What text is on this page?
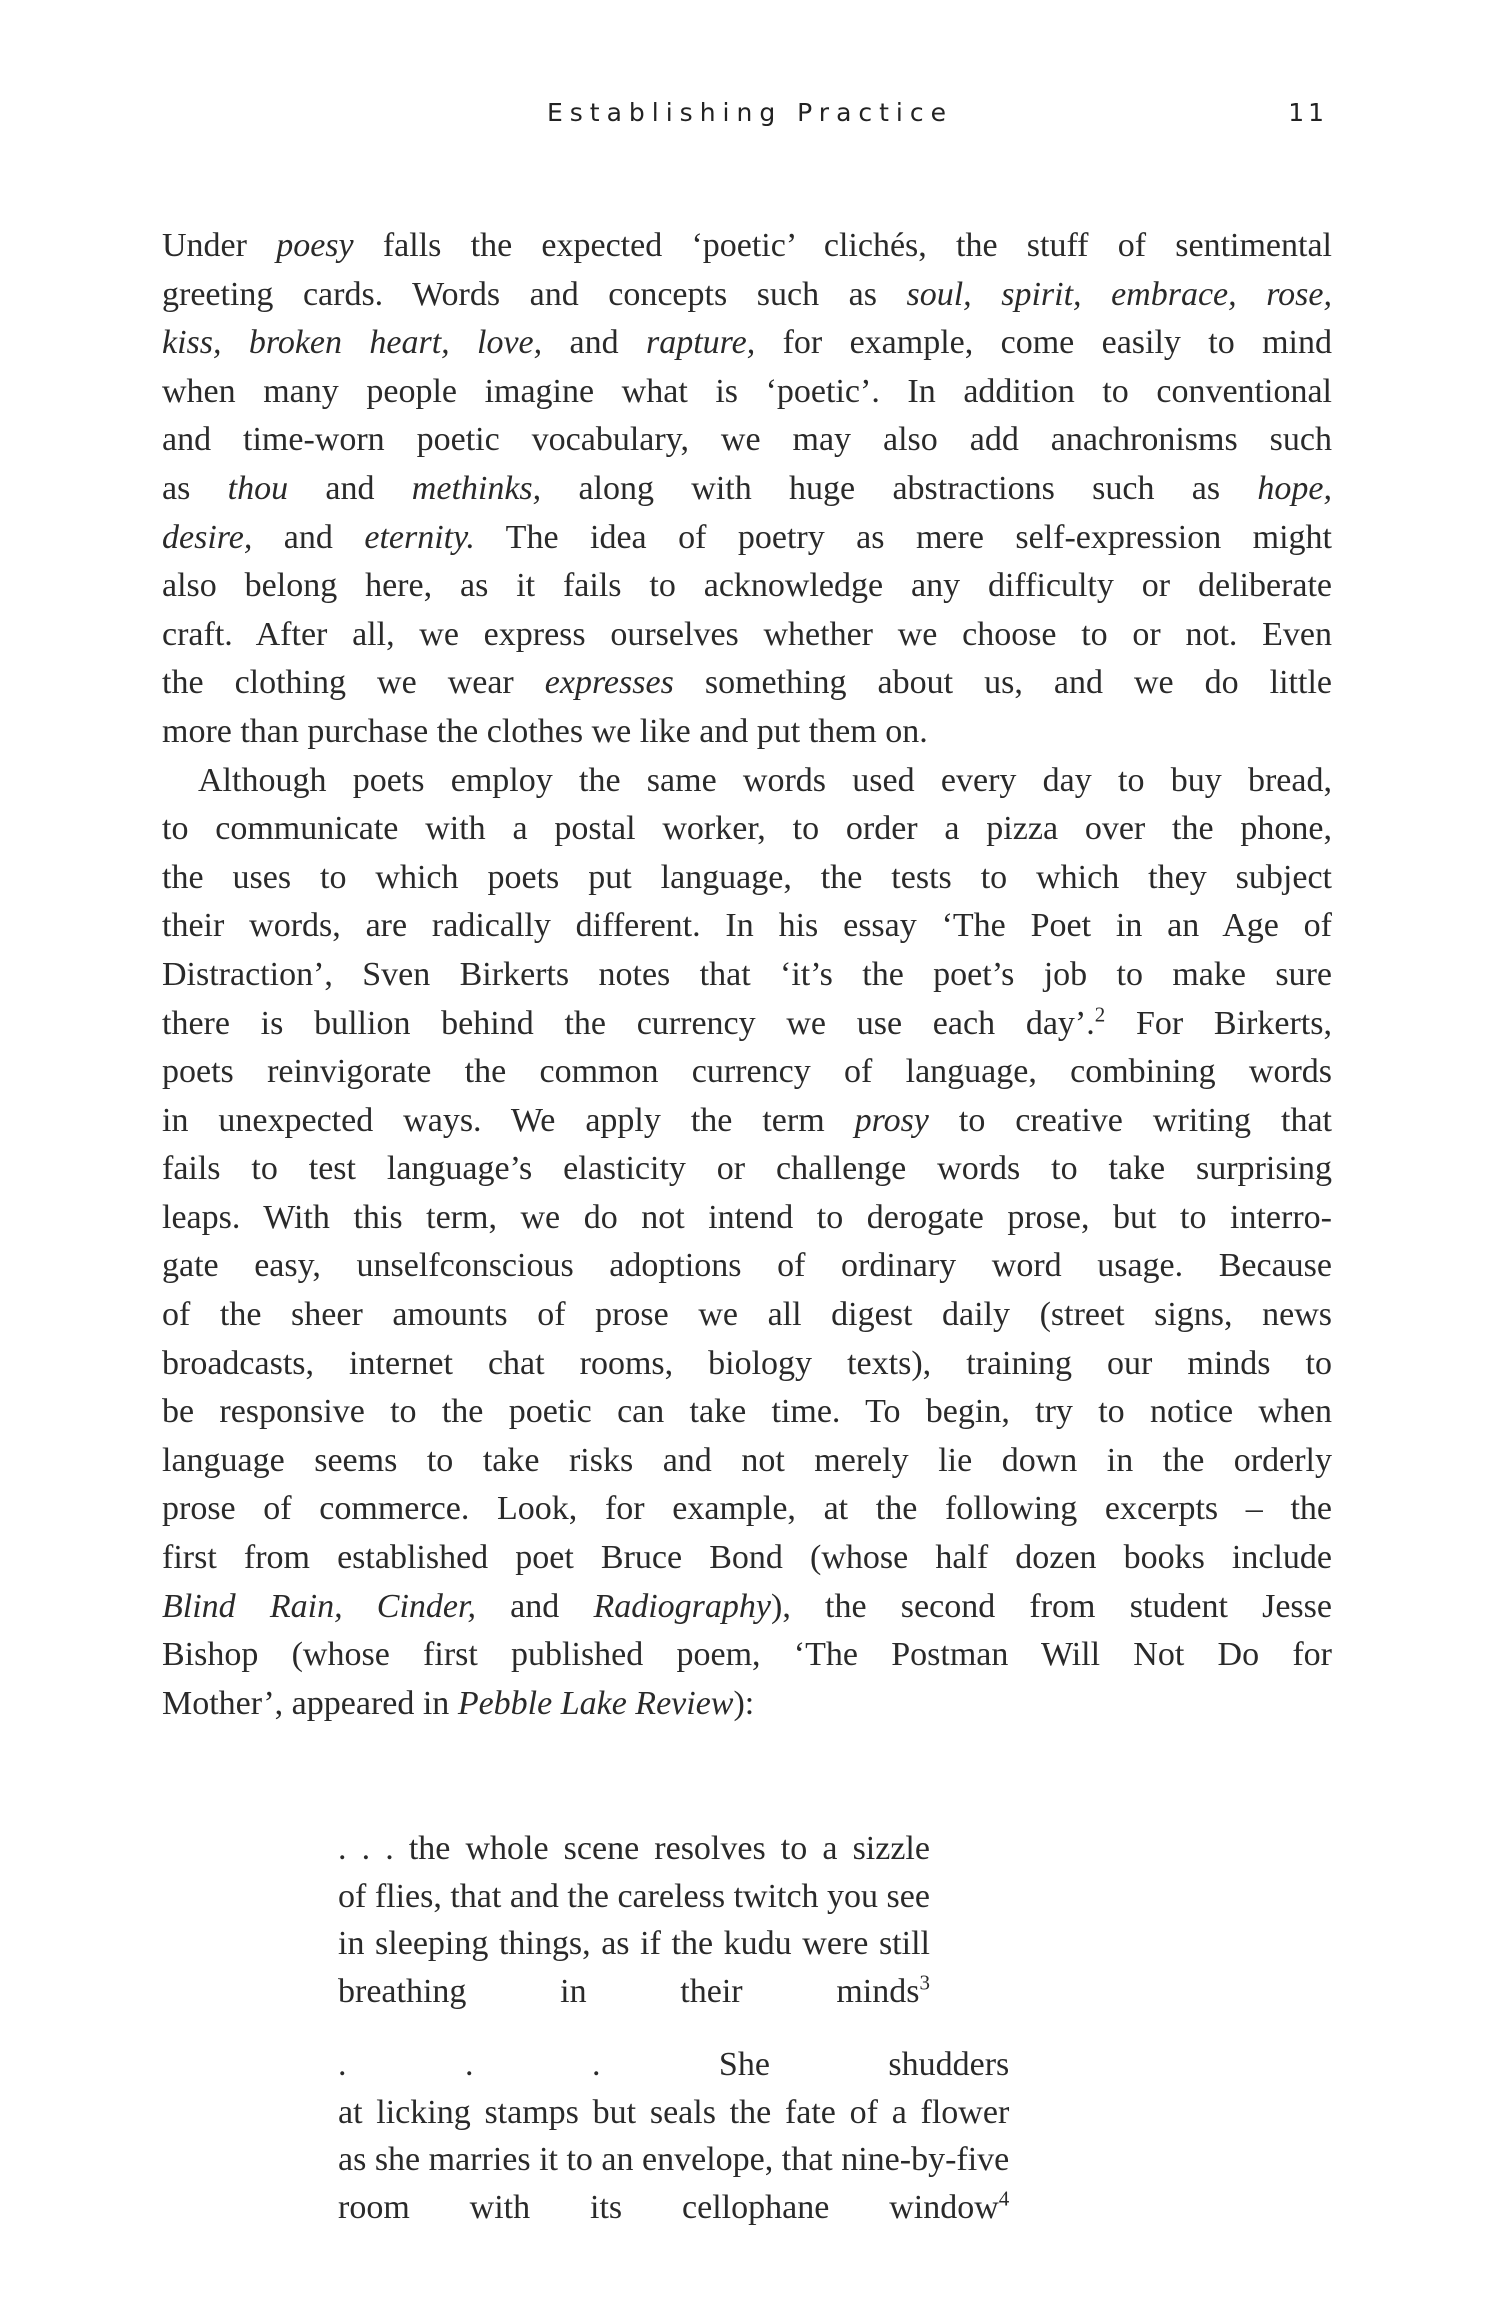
Establishing Practice	11
Under poesy falls the expected ‘poetic’ clichés, the stuff of sentimental
greeting cards. Words and concepts such as soul, spirit, embrace, rose,
kiss, broken heart, love, and rapture, for example, come easily to mind
when many people imagine what is ‘poetic’. In addition to conventional
and time-worn poetic vocabulary, we may also add anachronisms such
as thou and methinks, along with huge abstractions such as hope,
desire, and eternity. The idea of poetry as mere self-expression might
also belong here, as it fails to acknowledge any difficulty or deliberate
craft. After all, we express ourselves whether we choose to or not. Even
the clothing we wear expresses something about us, and we do little
more than purchase the clothes we like and put them on.
Although poets employ the same words used every day to buy bread,
to communicate with a postal worker, to order a pizza over the phone,
the uses to which poets put language, the tests to which they subject
their words, are radically different. In his essay ‘The Poet in an Age of
Distraction’, Sven Birkerts notes that ‘it’s the poet’s job to make sure
there is bullion behind the currency we use each day’.$^2$ For Birkerts,
poets reinvigorate the common currency of language, combining words
in unexpected ways. We apply the term prosy to creative writing that
fails to test language’s elasticity or challenge words to take surprising
leaps. With this term, we do not intend to derogate prose, but to interro-
gate easy, unselfconscious adoptions of ordinary word usage. Because
of the sheer amounts of prose we all digest daily (street signs, news
broadcasts, internet chat rooms, biology texts), training our minds to
be responsive to the poetic can take time. To begin, try to notice when
language seems to take risks and not merely lie down in the orderly
prose of commerce. Look, for example, at the following excerpts – the
first from established poet Bruce Bond (whose half dozen books include
Blind Rain, Cinder, and Radiography), the second from student Jesse
Bishop (whose first published poem, ‘The Postman Will Not Do for
Mother’, appeared in Pebble Lake Review):
. . . the whole scene resolves to a sizzle
of flies, that and the careless twitch you see
in sleeping things, as if the kudu were still
breathing in their minds$^3$
. . . She shudders
at licking stamps but seals the fate of a flower
as she marries it to an envelope, that nine-by-five
room with its cellophane window$^4$
